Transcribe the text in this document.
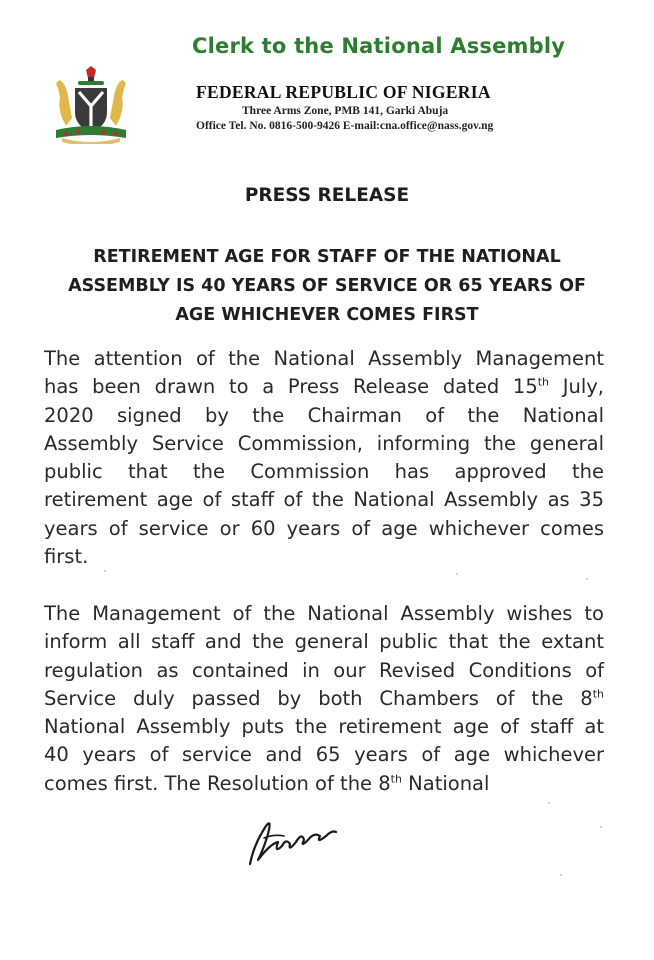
Clerk to the National Assembly
FEDERAL REPUBLIC OF NIGERIA
Three Arms Zone, PMB 141, Garki Abuja
Office Tel. No. 0816-500-9426 E-mail:cna.office@nass.gov.ng
PRESS RELEASE
RETIREMENT AGE FOR STAFF OF THE NATIONAL
ASSEMBLY IS 40 YEARS OF SERVICE OR 65 YEARS OF
AGE WHICHEVER COMES FIRST
The attention of the National Assembly Management
has been drawn to a Press Release dated 15th July,
2020 signed by the Chairman of the National
Assembly Service Commission, informing the general
public that the Commission has approved the
retirement age of staff of the National Assembly as 35
years of service or 60 years of age whichever comes
first.
The Management of the National Assembly wishes to
inform all staff and the general public that the extant
regulation as contained in our Revised Conditions of
Service duly passed by both Chambers of the 8th
National Assembly puts the retirement age of staff at
40 years of service and 65 years of age whichever
comes first. The Resolution of the 8th National
